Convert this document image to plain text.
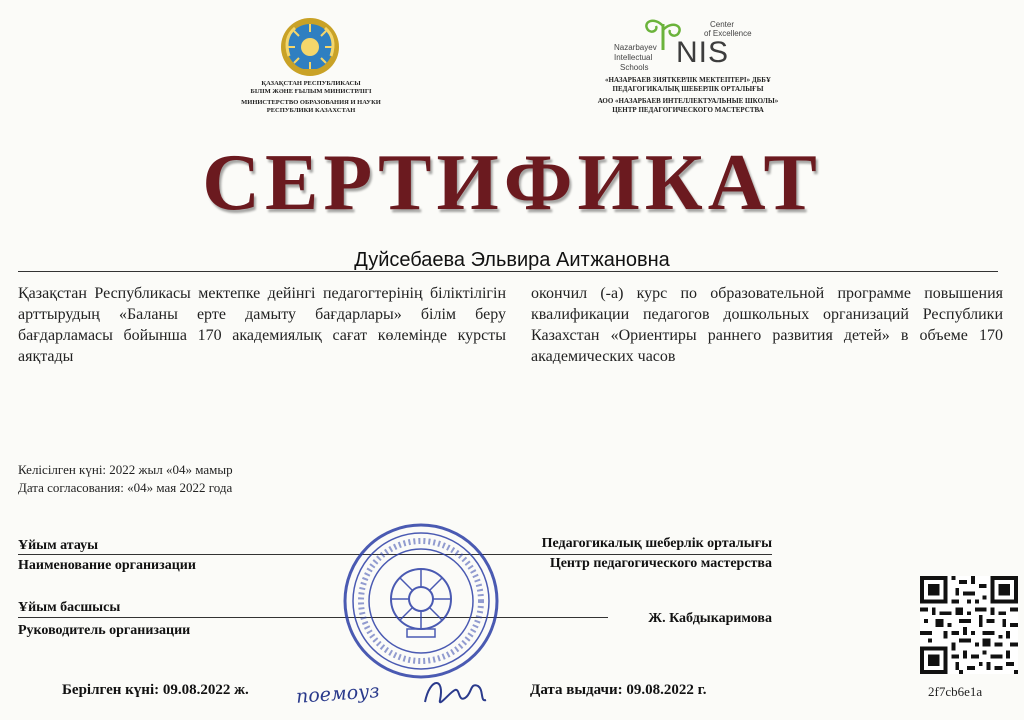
ҚАЗАҚСТАН РЕСПУБЛИКАСЫ
БІЛІМ ЖӘНЕ ҒЫЛЫМ МИНИСТРЛІГІ
МИНИСТЕРСТВО ОБРАЗОВАНИЯ И НАУКИ
РЕСПУБЛИКИ КАЗАХСТАН
Center
of Excellence
Nazarbayev
Intellectual
Schools NIS
«НАЗАРБАЕВ ЗИЯТКЕРЛІК МЕКТЕПТЕРІ» ДББҰ
ПЕДАГОГИКАЛЫҚ ШЕБЕРЛІК ОРТАЛЫҒЫ
АОО «НАЗАРБАЕВ ИНТЕЛЛЕКТУАЛЬНЫЕ ШКОЛЫ»
ЦЕНТР ПЕДАГОГИЧЕСКОГО МАСТЕРСТВА
СЕРТИФИКАТ
Дуйсебаева Эльвира Аитжановна
Қазақстан Республикасы мектепке дейінгі педагогтерінің біліктілігін арттырудың «Баланы ерте дамыту бағдарлары» білім беру бағдарламасы бойынша 170 академиялық сағат көлемінде курсты аяқтады
окончил (-а) курс по образовательной программе повышения квалификации педагогов дошкольных организаций Республики Казахстан «Ориентиры раннего развития детей» в объеме 170 академических часов
Келісілген күні: 2022 жыл «04» мамыр
Дата согласования: «04» мая 2022 года
Ұйым атауы
Наименование организации
Педагогикалық шеберлік орталығы
Центр педагогического мастерства
Ұйым басшысы
Руководитель организации
Ж. Кабдыкаримова
поемоуз
Берілген күні: 09.08.2022 ж.	Дата выдачи: 09.08.2022 г.	2f7cb6e1a
